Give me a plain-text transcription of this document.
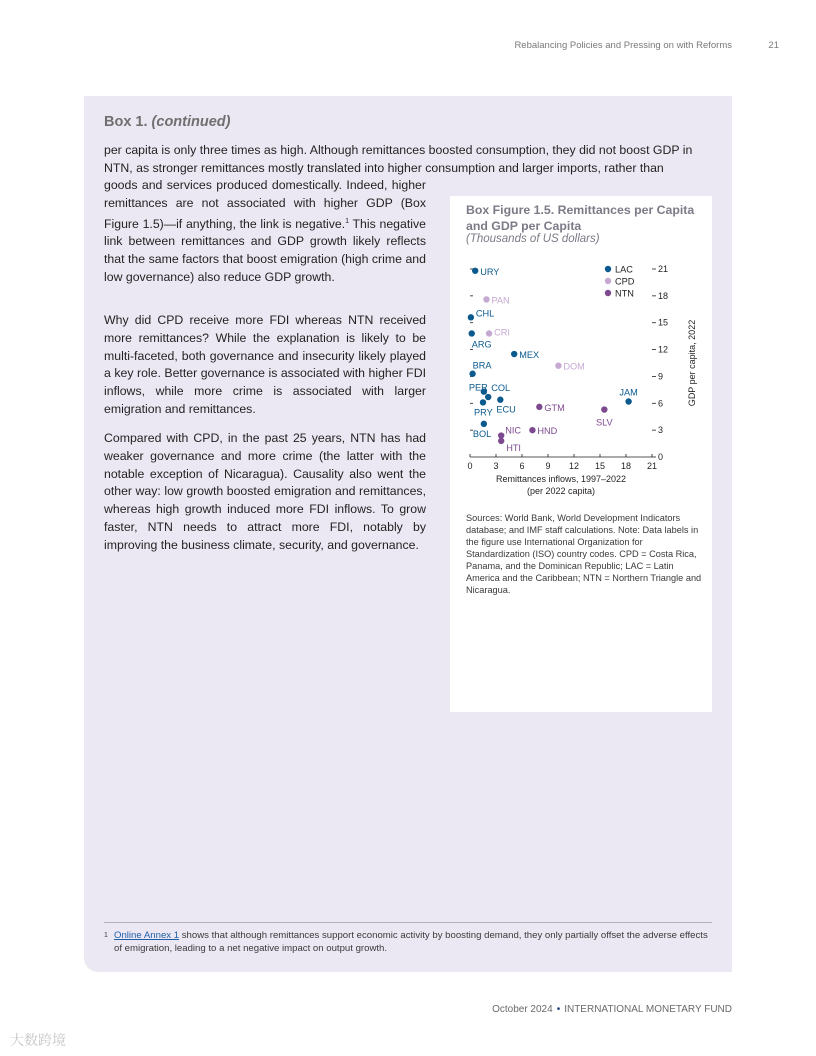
Rebalancing Policies and Pressing on with Reforms	21
Box 1. (continued)
per capita is only three times as high. Although remittances boosted consumption, they did not boost GDP in NTN, as stronger remittances mostly translated into higher consumption and larger imports, rather than
goods and services produced domestically. Indeed, higher remittances are not associated with higher GDP (Box Figure 1.5)—if anything, the link is negative.$^1$ This negative link between remittances and GDP growth likely reflects that the same factors that boost emigration (high crime and low governance) also reduce GDP growth.
Why did CPD receive more FDI whereas NTN received more remittances? While the explanation is likely to be multi-faceted, both governance and insecurity likely played a key role. Better governance is associated with higher FDI inflows, while more crime is associated with larger emigration and remittances.
Compared with CPD, in the past 25 years, NTN has had weaker governance and more crime (the latter with the notable exception of Nicaragua). Causality also went the other way: low growth boosted emigration and remittances, whereas high growth induced more FDI inflows. To grow faster, NTN needs to attract more FDI, notably by improving the business climate, security, and governance.
Box Figure 1.5. Remittances per Capita and GDP per Capita
(Thousands of US dollars)
0 3 6 9 12 15 18 21
0
3
6
9
12
15
18
21
Remittances inflows, 1997–2022
(per 2022 capita)
GDP per capita, 2022
URY
CHL
ARG
MEX
BRA
PER COL
ECU
PRY
BOL
JAM
PAN
CRI
DOM
GTM
HND
SLV
NIC
HTI
LAC
CPD
NTN
Sources: World Bank, World Development Indicators database; and IMF staff calculations. Note: Data labels in the figure use International Organization for Standardization (ISO) country codes. CPD = Costa Rica, Panama, and the Dominican Republic; LAC = Latin America and the Caribbean; NTN = Northern Triangle and Nicaragua.
1 Online Annex 1 shows that although remittances support economic activity by boosting demand, they only partially offset the adverse effects of emigration, leading to a net negative impact on output growth.
October 2024 • INTERNATIONAL MONETARY FUND
大数跨境
